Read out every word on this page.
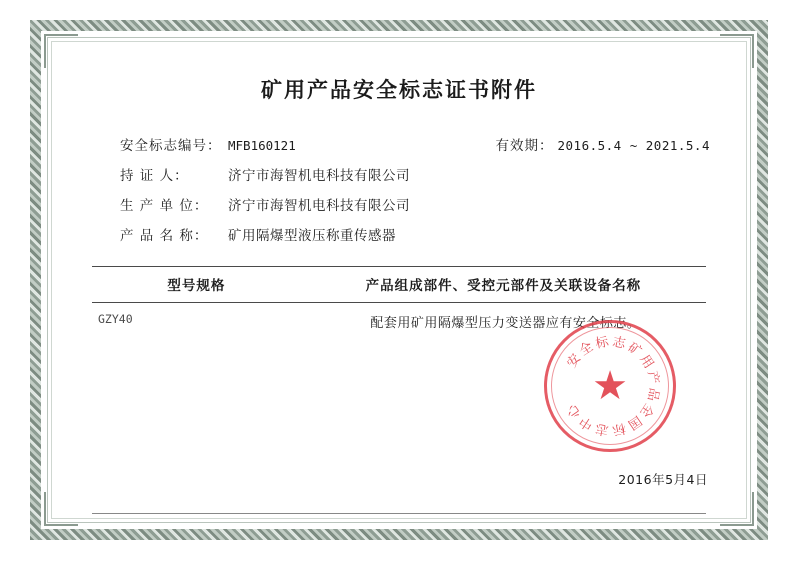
矿用产品安全标志证书附件
安全标志编号： MFB160121
持 证 人：	济宁市海智机电科技有限公司
生 产 单 位：	济宁市海智机电科技有限公司
产 品 名 称：	矿用隔爆型液压称重传感器
有效期： 2016.5.4 ~ 2021.5.4
型号规格	产品组成部件、受控元部件及关联设备名称
GZY40	配套用矿用隔爆型压力变送器应有安全标志。
安
全
标 志
矿
用
产
品
全
国
标
志
中
心
★
2016年5月4日
